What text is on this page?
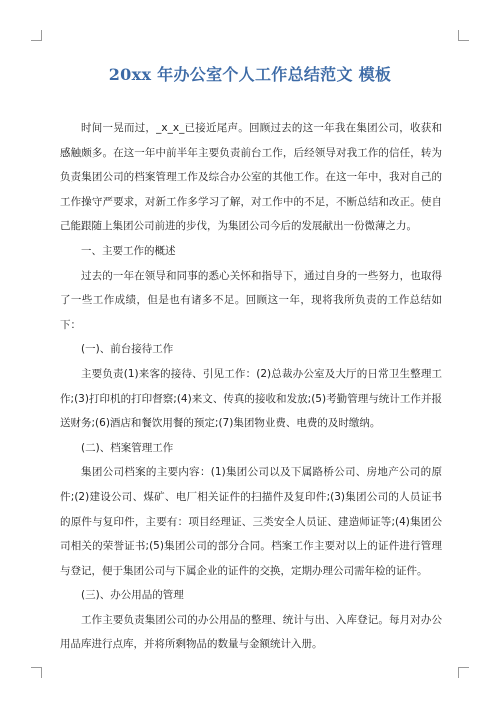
20xx 年办公室个人工作总结范文 模板

时间一晃而过，_x_x_已接近尾声。回顾过去的这一年我在集团公司，收获和感触颇多。在这一年中前半年主要负责前台工作，后经领导对我工作的信任，转为负责集团公司的档案管理工作及综合办公室的其他工作。在这一年中，我对自己的工作操守严要求，对新工作多学习了解，对工作中的不足，不断总结和改正。使自己能跟随上集团公司前进的步伐，为集团公司今后的发展献出一份微薄之力。

一、主要工作的概述

过去的一年在领导和同事的悉心关怀和指导下，通过自身的一些努力，也取得了一些工作成绩，但是也有诸多不足。回顾这一年，现将我所负责的工作总结如下：

(一)、前台接待工作

主要负责(1)来客的接待、引见工作：(2)总裁办公室及大厅的日常卫生整理工作;(3)打印机的打印督察;(4)来文、传真的接收和发放;(5)考勤管理与统计工作并报送财务;(6)酒店和餐饮用餐的预定;(7)集团物业费、电费的及时缴纳。

(二)、档案管理工作

集团公司档案的主要内容：(1)集团公司以及下属路桥公司、房地产公司的原件;(2)建设公司、煤矿、电厂相关证件的扫描件及复印件;(3)集团公司的人员证书的原件与复印件，主要有：项目经理证、三类安全人员证、建造师证等;(4)集团公司相关的荣誉证书;(5)集团公司的部分合同。档案工作主要对以上的证件进行管理与登记，便于集团公司与下属企业的证件的交换，定期办理公司需年检的证件。

(三)、办公用品的管理

工作主要负责集团公司的办公用品的整理、统计与出、入库登记。每月对办公用品库进行点库，并将所剩物品的数量与金额统计入册。
